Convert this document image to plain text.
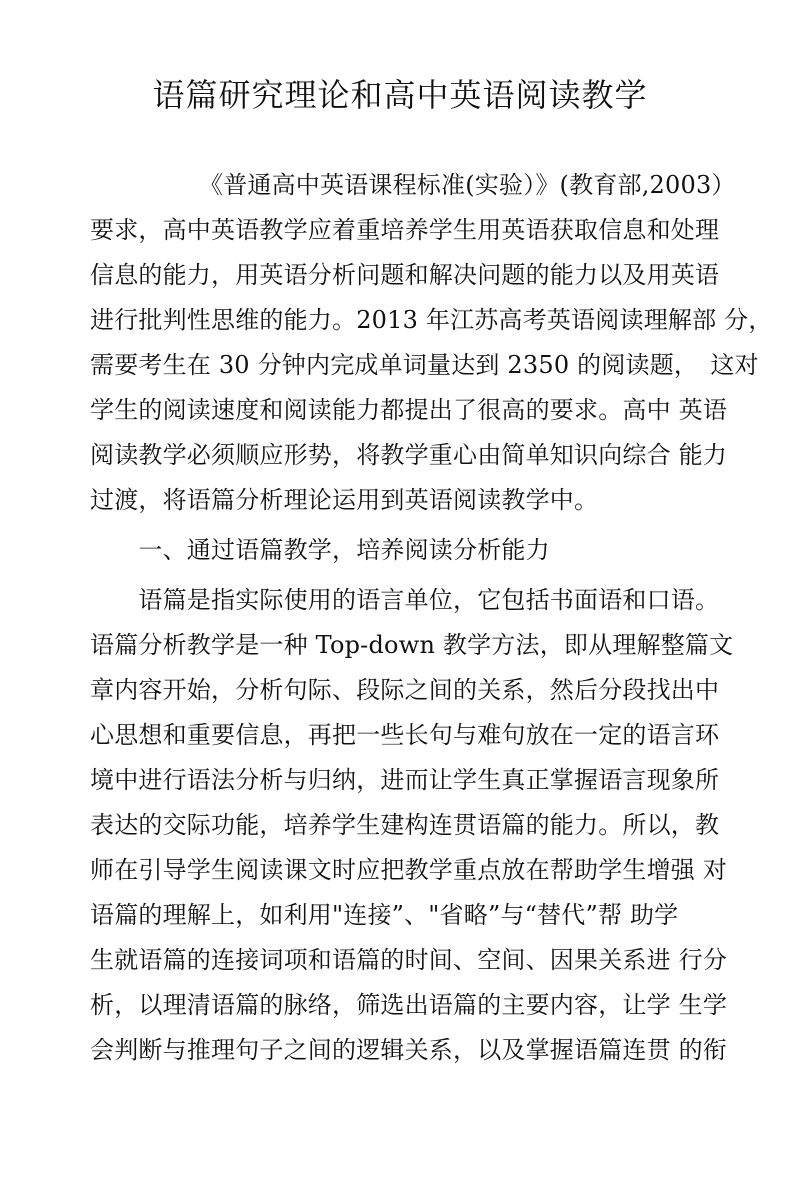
语篇研究理论和高中英语阅读教学
　　　　　《普通高中英语课程标准(实验）》(教育部,2003）
要求，高中英语教学应着重培养学生用英语获取信息和处理
信息的能力，用英语分析问题和解决问题的能力以及用英语
进行批判性思维的能力。2013 年江苏高考英语阅读理解部 分，
需要考生在 30 分钟内完成单词量达到 2350 的阅读题，　这对
学生的阅读速度和阅读能力都提出了很高的要求。高中 英语
阅读教学必须顺应形势，将教学重心由简单知识向综合 能力
过渡，将语篇分析理论运用到英语阅读教学中。
　　一、通过语篇教学，培养阅读分析能力
　　语篇是指实际使用的语言单位，它包括书面语和口语。
语篇分析教学是一种 Top-down 教学方法，即从理解整篇文
章内容开始，分析句际、段际之间的关系，然后分段找出中
心思想和重要信息，再把一些长句与难句放在一定的语言环
境中进行语法分析与归纳，进而让学生真正掌握语言现象所
表达的交际功能，培养学生建构连贯语篇的能力。所以，教
师在引导学生阅读课文时应把教学重点放在帮助学生增强 对
语篇的理解上，如利用"连接”、"省略”与“替代”帮 助学
生就语篇的连接词项和语篇的时间、空间、因果关系进 行分
析，以理清语篇的脉络，筛选出语篇的主要内容，让学 生学
会判断与推理句子之间的逻辑关系，以及掌握语篇连贯 的衔
